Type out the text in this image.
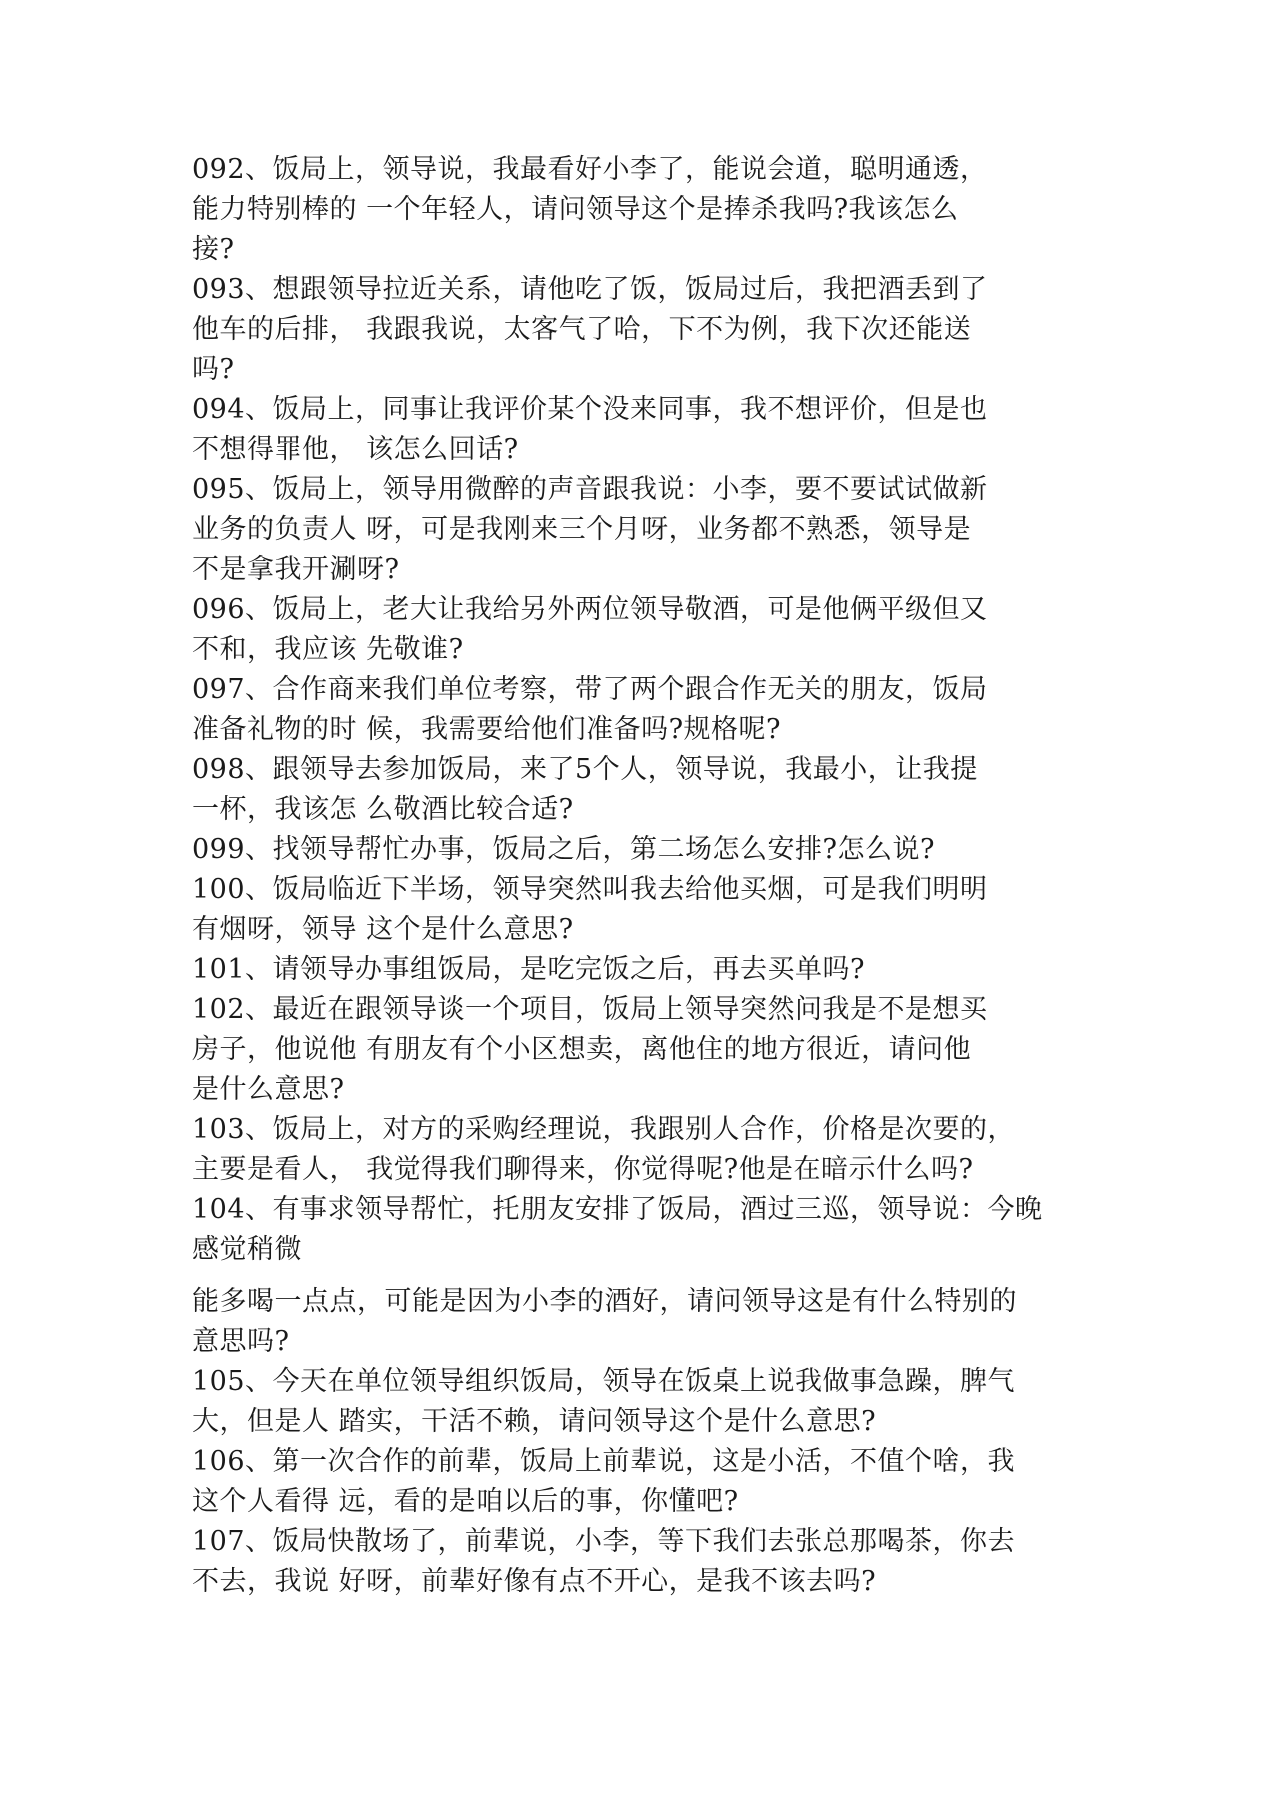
092、饭局上，领导说，我最看好小李了，能说会道，聪明通透，
能力特别棒的 一个年轻人，请问领导这个是捧杀我吗?我该怎么
接?
093、想跟领导拉近关系，请他吃了饭，饭局过后，我把酒丢到了
他车的后排， 我跟我说，太客气了哈，下不为例，我下次还能送
吗?
094、饭局上，同事让我评价某个没来同事，我不想评价，但是也
不想得罪他， 该怎么回话?
095、饭局上，领导用微醉的声音跟我说：小李，要不要试试做新
业务的负责人 呀，可是我刚来三个月呀，业务都不熟悉，领导是
不是拿我开涮呀?
096、饭局上，老大让我给另外两位领导敬酒，可是他俩平级但又
不和，我应该 先敬谁?
097、合作商来我们单位考察，带了两个跟合作无关的朋友，饭局
准备礼物的时 候，我需要给他们准备吗?规格呢?
098、跟领导去参加饭局，来了5个人，领导说，我最小，让我提
一杯，我该怎 么敬酒比较合适?
099、找领导帮忙办事，饭局之后，第二场怎么安排?怎么说?
100、饭局临近下半场，领导突然叫我去给他买烟，可是我们明明
有烟呀，领导 这个是什么意思?
101、请领导办事组饭局，是吃完饭之后，再去买单吗?
102、最近在跟领导谈一个项目，饭局上领导突然问我是不是想买
房子，他说他 有朋友有个小区想卖，离他住的地方很近，请问他
是什么意思?
103、饭局上，对方的采购经理说，我跟别人合作，价格是次要的，
主要是看人， 我觉得我们聊得来，你觉得呢?他是在暗示什么吗?
104、有事求领导帮忙，托朋友安排了饭局，酒过三巡，领导说：今晚
感觉稍微
能多喝一点点，可能是因为小李的酒好，请问领导这是有什么特别的
意思吗?
105、今天在单位领导组织饭局，领导在饭桌上说我做事急躁，脾气
大，但是人 踏实，干活不赖，请问领导这个是什么意思?
106、第一次合作的前辈，饭局上前辈说，这是小活，不值个啥，我
这个人看得 远，看的是咱以后的事，你懂吧?
107、饭局快散场了，前辈说，小李，等下我们去张总那喝茶，你去
不去，我说 好呀，前辈好像有点不开心，是我不该去吗?
